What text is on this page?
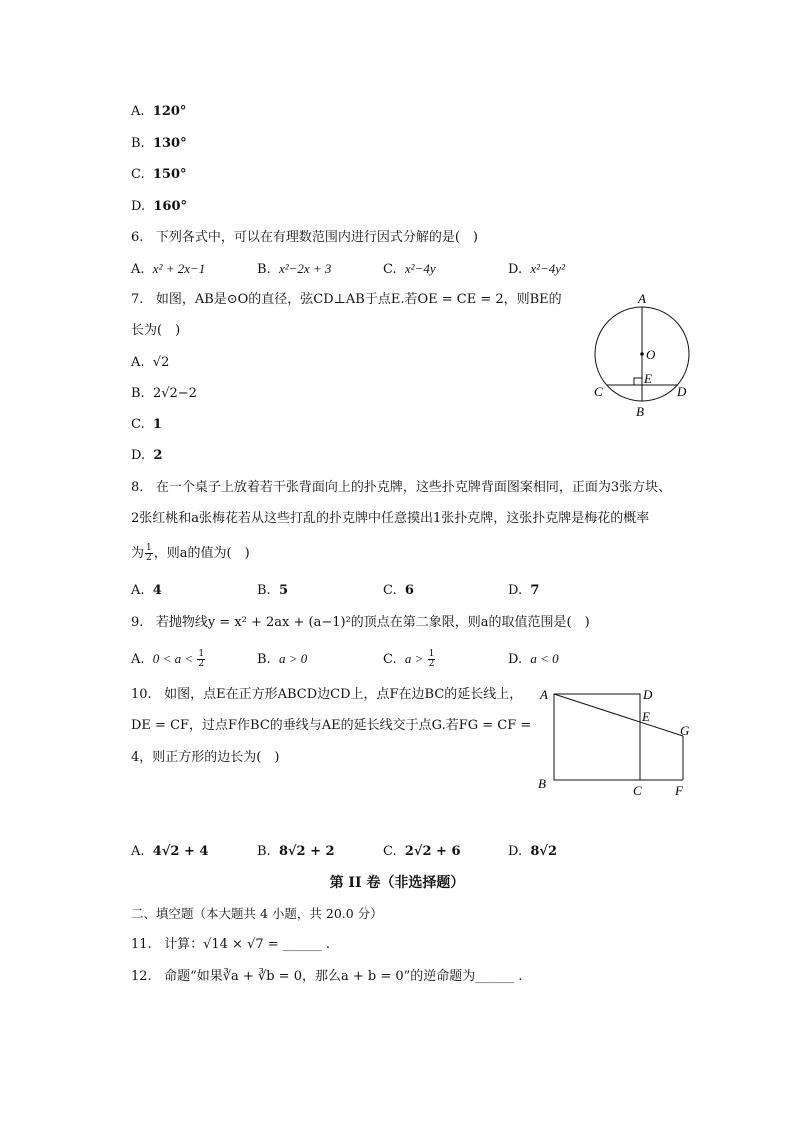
A.  120°
B.  130°
C.  150°
D.  160°
6. 下列各式中，可以在有理数范围内进行因式分解的是(　)
A.  x² + 2x−1	B.  x²−2x + 3	C.  x²−4y	D.  x²−4y²
7. 如图，AB是⊙O的直径，弦CD⊥AB于点E.若OE = CE = 2，则BE的
长为(　)
A.  √2
B.  2√2−2
C.  1
D.  2
A
O
E
C	D
B
8. 在一个桌子上放着若干张背面向上的扑克牌，这些扑克牌背面图案相同，正面为3张方块、
2张红桃和a张梅花若从这些打乱的扑克牌中任意摸出1张扑克牌，这张扑克牌是梅花的概率
为 $\frac{1}{2}$ ，则a的值为(　)
A.  4	B.  5	C.  6	D.  7
9. 若抛物线y = x² + 2ax + (a−1)²的顶点在第二象限，则a的取值范围是(　)
A.  $0 < a < \frac{1}{2}$	B.  a > 0	C.  $a > \frac{1}{2}$	D.  a < 0
10. 如图，点E在正方形ABCD边CD上，点F在边BC的延长线上，
DE = CF，过点F作BC的垂线与AE的延长线交于点G.若FG = CF =
4，则正方形的边长为(　)
A	D
E
G
B	C	F
A.  4√2 + 4	B.  8√2 + 2	C.  2√2 + 6	D.  8√2
第 II 卷（非选择题）
二、填空题（本大题共 4 小题，共 20.0 分）
11. 计算：√14 × √7 = ______ .
12. 命题“如果∛a + ∛b = 0，那么a + b = 0”的逆命题为______ .
